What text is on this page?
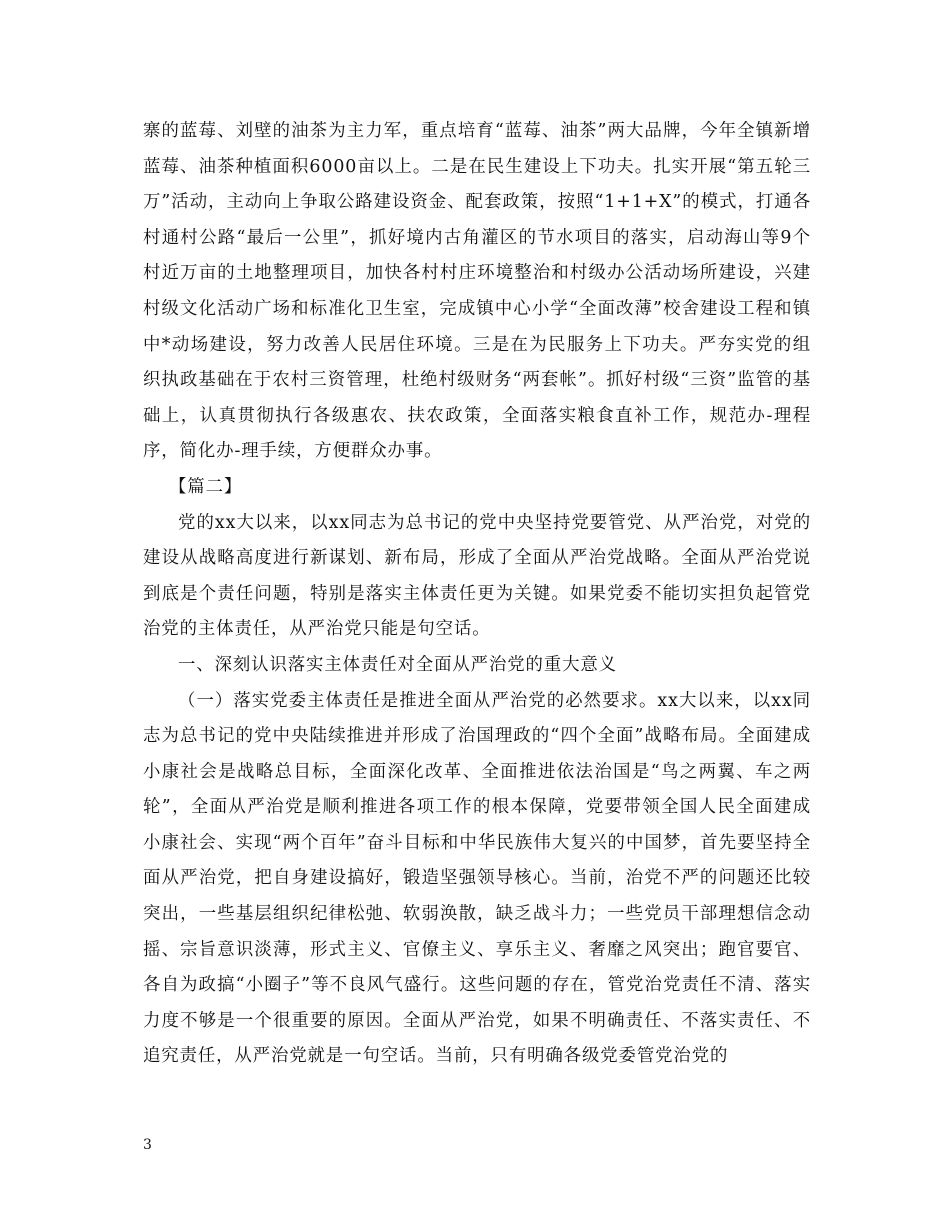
寨的蓝莓、刘壁的油茶为主力军，重点培育“蓝莓、油茶”两大品牌，今年全镇新增蓝莓、油茶种植面积6000亩以上。二是在民生建设上下功夫。扎实开展“第五轮三万”活动，主动向上争取公路建设资金、配套政策，按照“1+1+X”的模式，打通各村通村公路“最后一公里”，抓好境内古角灌区的节水项目的落实，启动海山等9个村近万亩的土地整理项目，加快各村村庄环境整治和村级办公活动场所建设，兴建村级文化活动广场和标准化卫生室，完成镇中心小学“全面改薄”校舍建设工程和镇中*动场建设，努力改善人民居住环境。三是在为民服务上下功夫。严夯实党的组织执政基础在于农村三资管理，杜绝村级财务“两套帐”。抓好村级“三资”监管的基础上，认真贯彻执行各级惠农、扶农政策，全面落实粮食直补工作，规范办-理程序，简化办-理手续，方便群众办事。

【篇二】

党的xx大以来，以xx同志为总书记的党中央坚持党要管党、从严治党，对党的建设从战略高度进行新谋划、新布局，形成了全面从严治党战略。全面从严治党说到底是个责任问题，特别是落实主体责任更为关键。如果党委不能切实担负起管党治党的主体责任，从严治党只能是句空话。

一、深刻认识落实主体责任对全面从严治党的重大意义

（一）落实党委主体责任是推进全面从严治党的必然要求。xx大以来，以xx同志为总书记的党中央陆续推进并形成了治国理政的“四个全面”战略布局。全面建成小康社会是战略总目标，全面深化改革、全面推进依法治国是“鸟之两翼、车之两轮”，全面从严治党是顺利推进各项工作的根本保障，党要带领全国人民全面建成小康社会、实现“两个百年”奋斗目标和中华民族伟大复兴的中国梦，首先要坚持全面从严治党，把自身建设搞好，锻造坚强领导核心。当前，治党不严的问题还比较突出，一些基层组织纪律松弛、软弱涣散，缺乏战斗力；一些党员干部理想信念动摇、宗旨意识淡薄，形式主义、官僚主义、享乐主义、奢靡之风突出；跑官要官、各自为政搞“小圈子”等不良风气盛行。这些问题的存在，管党治党责任不清、落实力度不够是一个很重要的原因。全面从严治党，如果不明确责任、不落实责任、不追究责任，从严治党就是一句空话。当前，只有明确各级党委管党治党的

3
